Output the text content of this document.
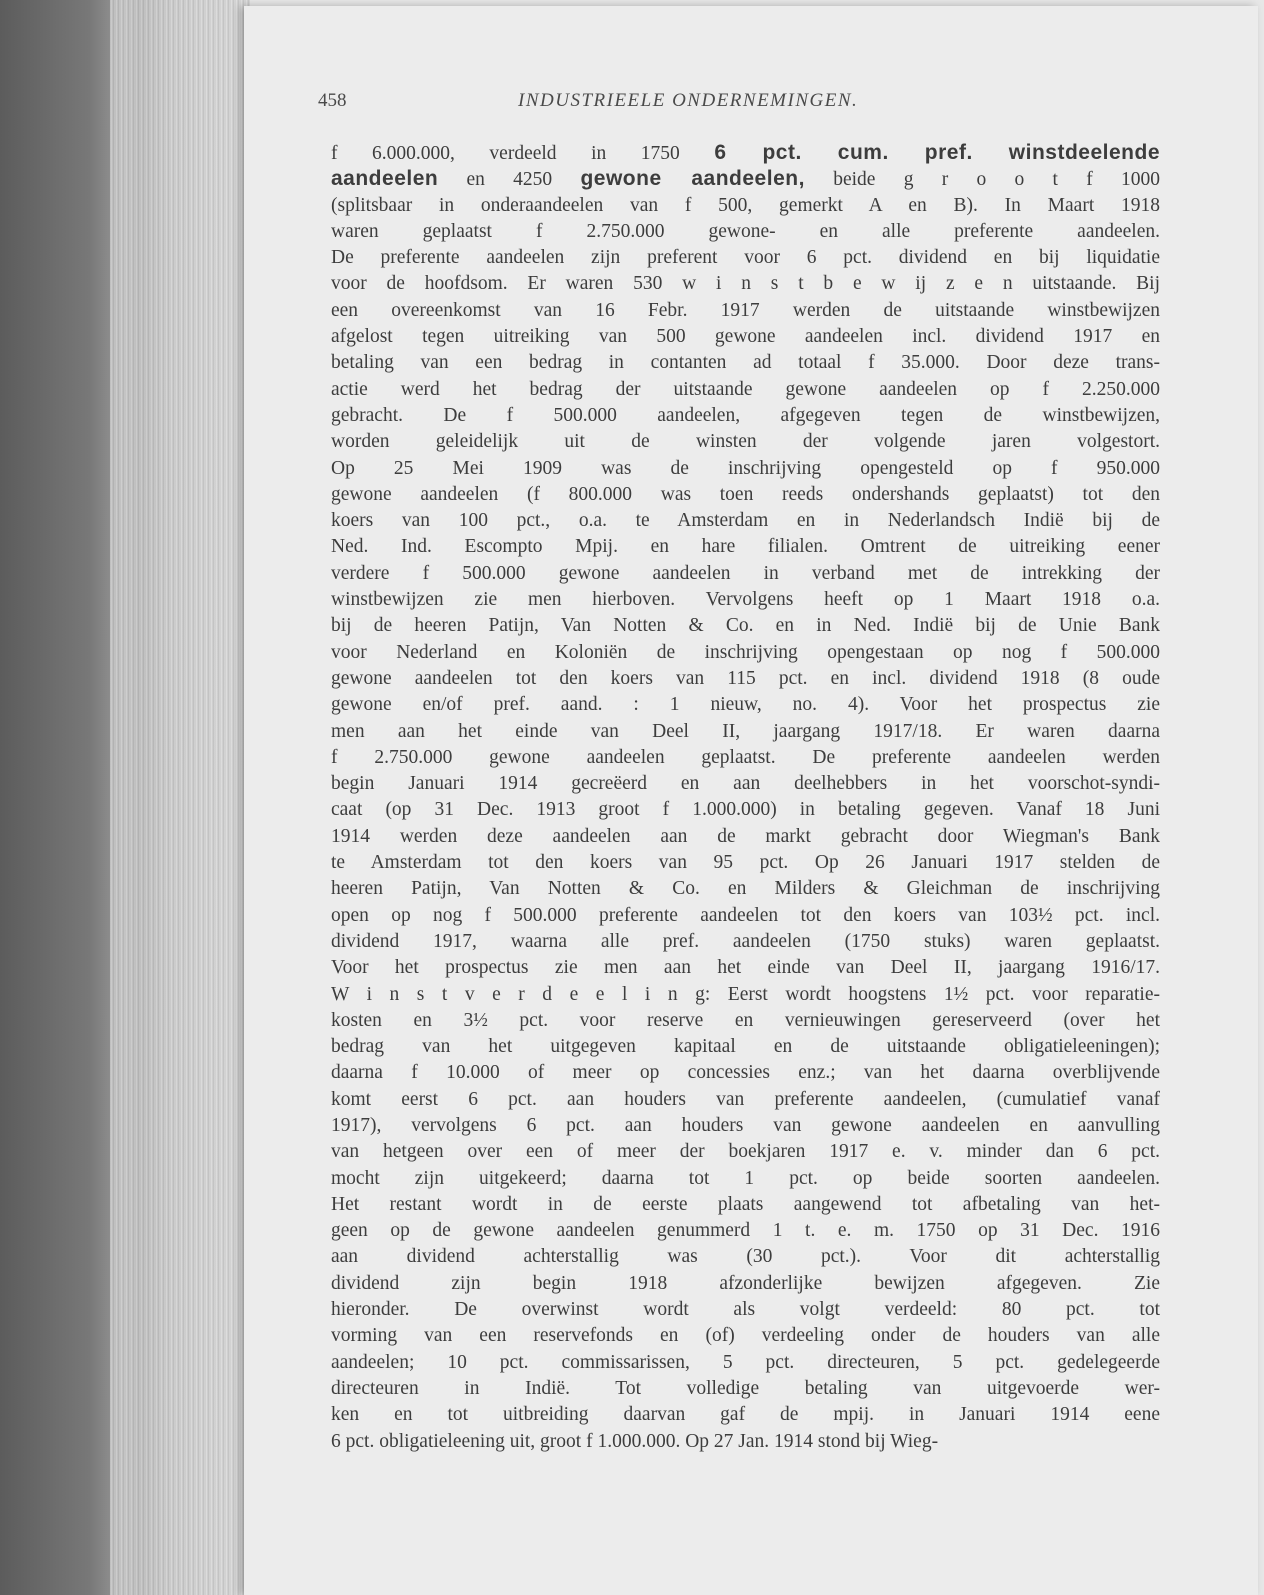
458	INDUSTRIEELE ONDERNEMINGEN.
f 6.000.000, verdeeld in 1750 6 pct. cum. pref. winstdeelende
aandeelen en 4250 gewone aandeelen, beide g r o o t f 1000
(splitsbaar in onderaandeelen van f 500, gemerkt A en B). In Maart 1918
waren geplaatst f 2.750.000 gewone- en alle preferente aandeelen.
De preferente aandeelen zijn preferent voor 6 pct. dividend en bij liquidatie
voor de hoofdsom. Er waren 530 w i n s t b e w ij z e n uitstaande. Bij
een overeenkomst van 16 Febr. 1917 werden de uitstaande winstbewijzen
afgelost tegen uitreiking van 500 gewone aandeelen incl. dividend 1917 en
betaling van een bedrag in contanten ad totaal f 35.000. Door deze trans-
actie werd het bedrag der uitstaande gewone aandeelen op f 2.250.000
gebracht. De f 500.000 aandeelen, afgegeven tegen de winstbewijzen,
worden geleidelijk uit de winsten der volgende jaren volgestort.
Op 25 Mei 1909 was de inschrijving opengesteld op f 950.000
gewone aandeelen (f 800.000 was toen reeds ondershands geplaatst) tot den
koers van 100 pct., o.a. te Amsterdam en in Nederlandsch Indië bij de
Ned. Ind. Escompto Mpij. en hare filialen. Omtrent de uitreiking eener
verdere f 500.000 gewone aandeelen in verband met de intrekking der
winstbewijzen zie men hierboven. Vervolgens heeft op 1 Maart 1918 o.a.
bij de heeren Patijn, Van Notten & Co. en in Ned. Indië bij de Unie Bank
voor Nederland en Koloniën de inschrijving opengestaan op nog f 500.000
gewone aandeelen tot den koers van 115 pct. en incl. dividend 1918 (8 oude
gewone en/of pref. aand. : 1 nieuw, no. 4). Voor het prospectus zie
men aan het einde van Deel II, jaargang 1917/18. Er waren daarna
f 2.750.000 gewone aandeelen geplaatst. De preferente aandeelen werden
begin Januari 1914 gecreëerd en aan deelhebbers in het voorschot-syndi-
caat (op 31 Dec. 1913 groot f 1.000.000) in betaling gegeven. Vanaf 18 Juni
1914 werden deze aandeelen aan de markt gebracht door Wiegman's Bank
te Amsterdam tot den koers van 95 pct. Op 26 Januari 1917 stelden de
heeren Patijn, Van Notten & Co. en Milders & Gleichman de inschrijving
open op nog f 500.000 preferente aandeelen tot den koers van 103½ pct. incl.
dividend 1917, waarna alle pref. aandeelen (1750 stuks) waren geplaatst.
Voor het prospectus zie men aan het einde van Deel II, jaargang 1916/17.
W i n s t v e r d e e l i n g: Eerst wordt hoogstens 1½ pct. voor reparatie-
kosten en 3½ pct. voor reserve en vernieuwingen gereserveerd (over het
bedrag van het uitgegeven kapitaal en de uitstaande obligatieleeningen);
daarna f 10.000 of meer op concessies enz.; van het daarna overblijvende
komt eerst 6 pct. aan houders van preferente aandeelen, (cumulatief vanaf
1917), vervolgens 6 pct. aan houders van gewone aandeelen en aanvulling
van hetgeen over een of meer der boekjaren 1917 e. v. minder dan 6 pct.
mocht zijn uitgekeerd; daarna tot 1 pct. op beide soorten aandeelen.
Het restant wordt in de eerste plaats aangewend tot afbetaling van het-
geen op de gewone aandeelen genummerd 1 t. e. m. 1750 op 31 Dec. 1916
aan dividend achterstallig was (30 pct.). Voor dit achterstallig
dividend zijn begin 1918 afzonderlijke bewijzen afgegeven. Zie
hieronder. De overwinst wordt als volgt verdeeld: 80 pct. tot
vorming van een reservefonds en (of) verdeeling onder de houders van alle
aandeelen; 10 pct. commissarissen, 5 pct. directeuren, 5 pct. gedelegeerde
directeuren in Indië. Tot volledige betaling van uitgevoerde wer-
ken en tot uitbreiding daarvan gaf de mpij. in Januari 1914 eene
6 pct. obligatieleening uit, groot f 1.000.000. Op 27 Jan. 1914 stond bij Wieg-
